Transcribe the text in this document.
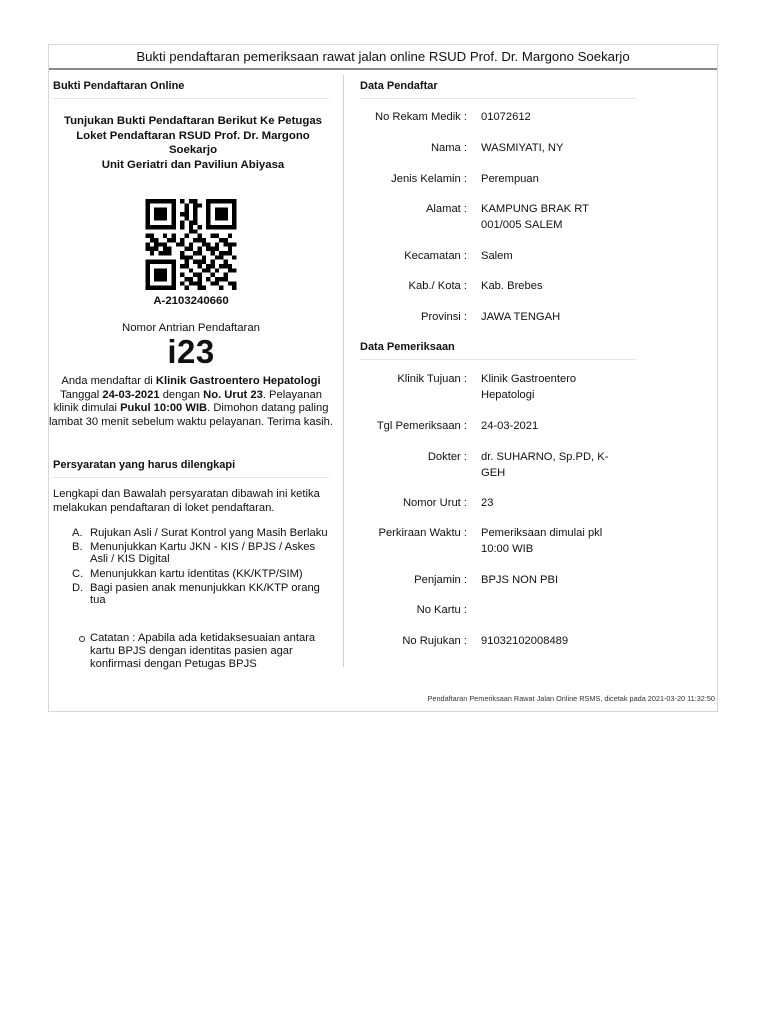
Bukti pendaftaran pemeriksaan rawat jalan online RSUD Prof. Dr. Margono Soekarjo
Bukti Pendaftaran Online
Tunjukan Bukti Pendaftaran Berikut Ke Petugas Loket Pendaftaran RSUD Prof. Dr. Margono Soekarjo
Unit Geriatri dan Paviliun Abiyasa
A-2103240660
Nomor Antrian Pendaftaran
i23
Anda mendaftar di Klinik Gastroentero Hepatologi Tanggal 24-03-2021 dengan No. Urut 23. Pelayanan klinik dimulai Pukul 10:00 WIB. Dimohon datang paling lambat 30 menit sebelum waktu pelayanan. Terima kasih.
Persyaratan yang harus dilengkapi
Lengkapi dan Bawalah persyaratan dibawah ini ketika melakukan pendaftaran di loket pendaftaran.
A. Rujukan Asli / Surat Kontrol yang Masih Berlaku
B. Menunjukkan Kartu JKN - KIS / BPJS / Askes Asli / KIS Digital
C. Menunjukkan kartu identitas (KK/KTP/SIM)
D. Bagi pasien anak menunjukkan KK/KTP orang tua
Catatan : Apabila ada ketidaksesuaian antara kartu BPJS dengan identitas pasien agar konfirmasi dengan Petugas BPJS
Data Pendaftar
No Rekam Medik : 01072612
Nama : WASMIYATI, NY
Jenis Kelamin : Perempuan
Alamat : KAMPUNG BRAK RT 001/005 SALEM
Kecamatan : Salem
Kab./ Kota : Kab. Brebes
Provinsi : JAWA TENGAH
Data Pemeriksaan
Klinik Tujuan : Klinik Gastroentero Hepatologi
Tgl Pemeriksaan : 24-03-2021
Dokter : dr. SUHARNO, Sp.PD, K-GEH
Nomor Urut : 23
Perkiraan Waktu : Pemeriksaan dimulai pkl 10:00 WIB
Penjamin : BPJS NON PBI
No Kartu :
No Rujukan : 91032102008489
Pendaftaran Pemeriksaan Rawat Jalan Online RSMS, dicetak pada 2021-03-20 11:32:50
